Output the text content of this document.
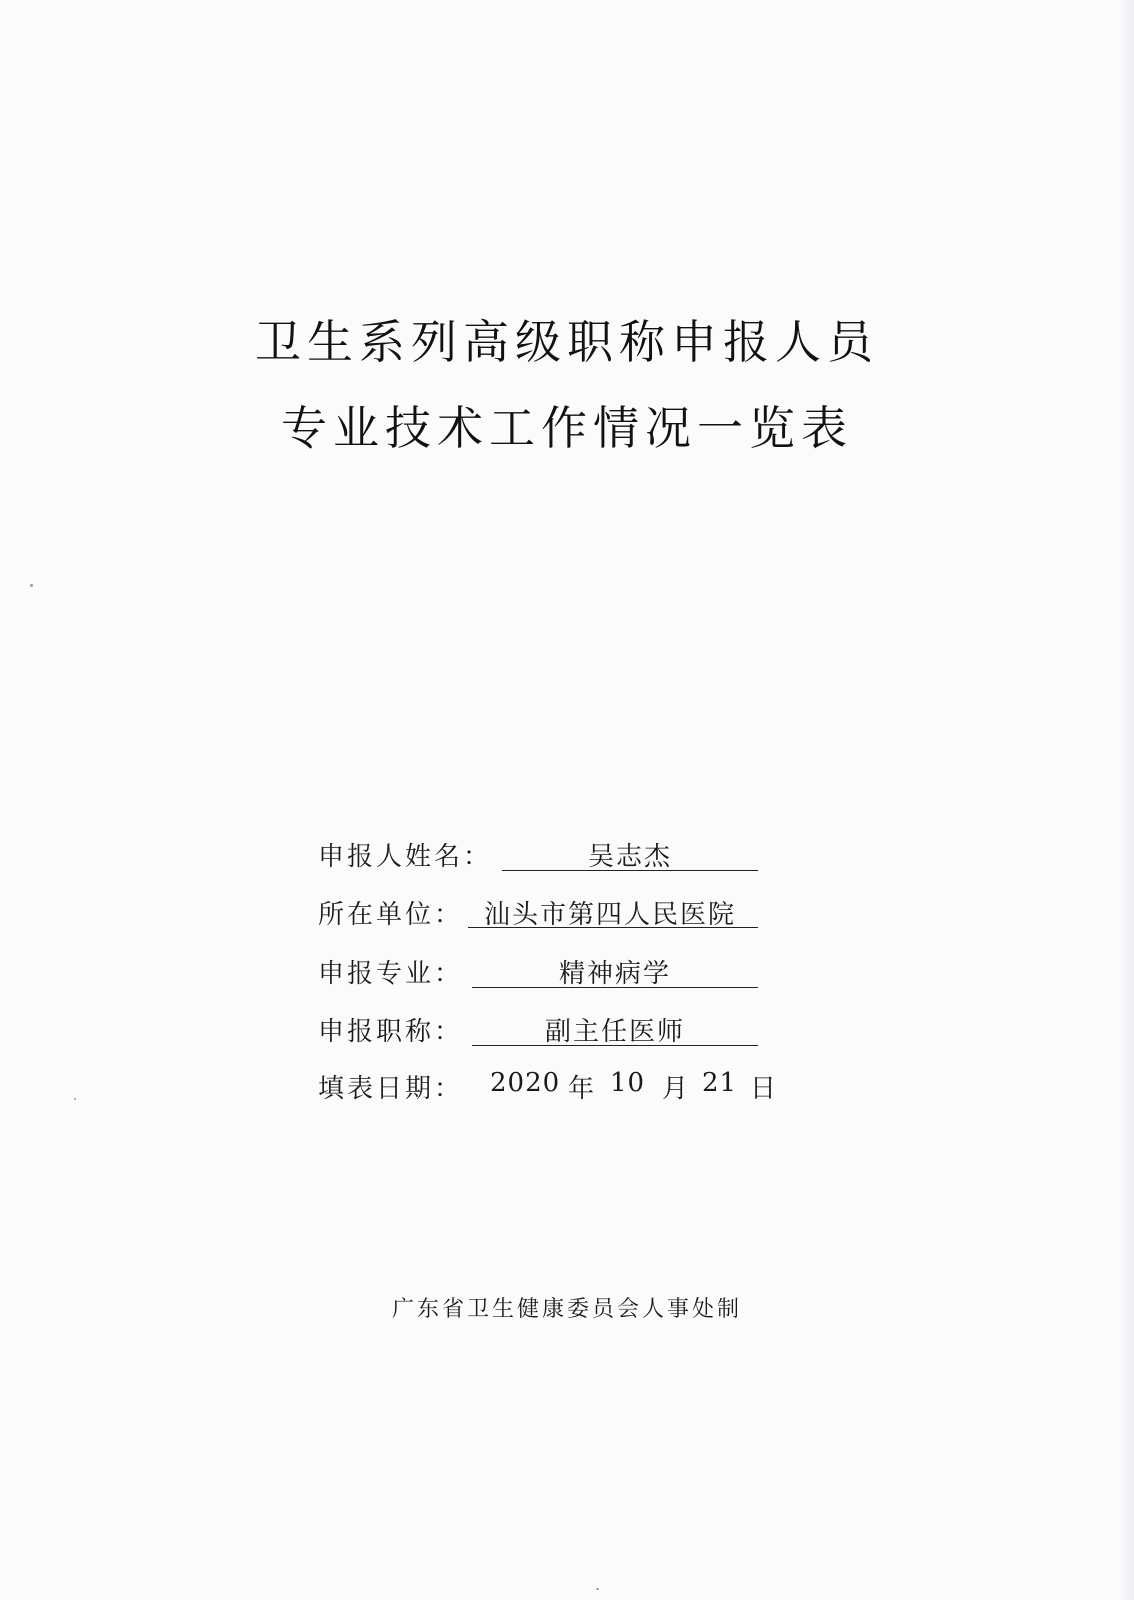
卫生系列高级职称申报人员
专业技术工作情况一览表
申报人姓名：	吴志杰
所在单位： 汕头市第四人民医院
申报专业：	精神病学
申报职称：	副主任医师
填表日期： 2020 年 10 月 21 日
广东省卫生健康委员会人事处制
